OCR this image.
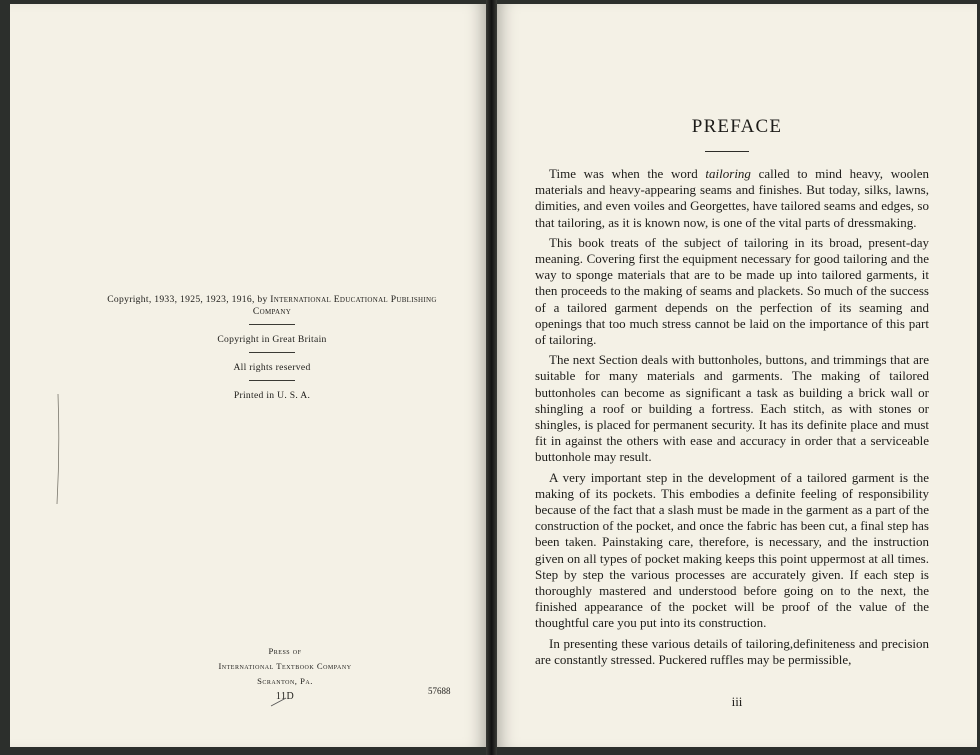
Copyright, 1933, 1925, 1923, 1916, by International Educational Publishing
Company
Copyright in Great Britain
All rights reserved
Printed in U. S. A.
Press of
International Textbook Company
Scranton, Pa.
11D	57688
PREFACE

Time was when the word tailoring called to mind heavy, woolen materials and heavy-appearing seams and finishes. But today, silks, lawns, dimities, and even voiles and Georgettes, have tailored seams and edges, so that tailoring, as it is known now, is one of the vital parts of dressmaking.

This book treats of the subject of tailoring in its broad, present-day meaning. Covering first the equipment necessary for good tailoring and the way to sponge materials that are to be made up into tailored garments, it then proceeds to the making of seams and plackets. So much of the success of a tailored garment depends on the perfection of its seaming and openings that too much stress cannot be laid on the importance of this part of tailoring.

The next Section deals with buttonholes, buttons, and trimmings that are suitable for many materials and garments. The making of tailored buttonholes can become as significant a task as building a brick wall or shingling a roof or building a fortress. Each stitch, as with stones or shingles, is placed for permanent security. It has its definite place and must fit in against the others with ease and accuracy in order that a serviceable buttonhole may result.

A very important step in the development of a tailored garment is the making of its pockets. This embodies a definite feeling of responsibility because of the fact that a slash must be made in the garment as a part of the construction of the pocket, and once the fabric has been cut, a final step has been taken. Painstaking care, therefore, is necessary, and the instruction given on all types of pocket making keeps this point uppermost at all times. Step by step the various processes are accurately given. If each step is thoroughly mastered and understood before going on to the next, the finished appearance of the pocket will be proof of the value of the thoughtful care you put into its construction.

In presenting these various details of tailoring,definiteness and precision are constantly stressed. Puckered ruffles may be permissible,

iii
